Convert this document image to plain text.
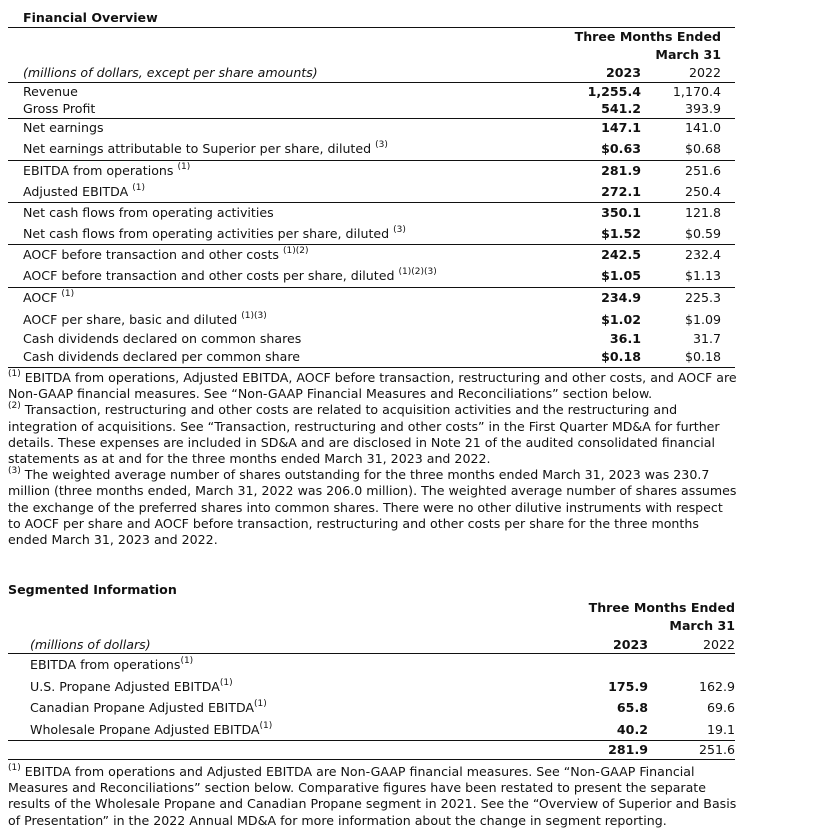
Financial Overview
Three Months Ended
March 31
(millions of dollars, except per share amounts)	2023	2022
Revenue	1,255.4	1,170.4
Gross Profit	541.2	393.9
Net earnings	147.1	141.0
Net earnings attributable to Superior per share, diluted $^{(3)}$	$0.63	$0.68
EBITDA from operations $^{(1)}$	281.9	251.6
Adjusted EBITDA $^{(1)}$	272.1	250.4
Net cash flows from operating activities	350.1	121.8
Net cash flows from operating activities per share, diluted $^{(3)}$	$1.52	$0.59
AOCF before transaction and other costs $^{(1)(2)}$	242.5	232.4
AOCF before transaction and other costs per share, diluted $^{(1)(2)(3)}$	$1.05	$1.13
AOCF $^{(1)}$	234.9	225.3
AOCF per share, basic and diluted $^{(1)(3)}$	$1.02	$1.09
Cash dividends declared on common shares	36.1	31.7
Cash dividends declared per common share	$0.18	$0.18

$^{(1)}$ EBITDA from operations, Adjusted EBITDA, AOCF before transaction, restructuring and other costs, and AOCF are Non-GAAP financial measures. See “Non-GAAP Financial Measures and Reconciliations” section below.

$^{(2)}$ Transaction, restructuring and other costs are related to acquisition activities and the restructuring and integration of acquisitions. See “Transaction, restructuring and other costs” in the First Quarter MD&A for further details. These expenses are included in SD&A and are disclosed in Note 21 of the audited consolidated financial statements as at and for the three months ended March 31, 2023 and 2022.

$^{(3)}$ The weighted average number of shares outstanding for the three months ended March 31, 2023 was 230.7 million (three months ended, March 31, 2022 was 206.0 million). The weighted average number of shares assumes the exchange of the preferred shares into common shares. There were no other dilutive instruments with respect to AOCF per share and AOCF before transaction, restructuring and other costs per share for the three months ended March 31, 2023 and 2022.

Segmented Information
Three Months Ended
March 31
(millions of dollars)	2023	2022
EBITDA from operations$^{(1)}$
U.S. Propane Adjusted EBITDA$^{(1)}$	175.9	162.9
Canadian Propane Adjusted EBITDA$^{(1)}$	65.8	69.6
Wholesale Propane Adjusted EBITDA$^{(1)}$	40.2	19.1
281.9	251.6

$^{(1)}$ EBITDA from operations and Adjusted EBITDA are Non-GAAP financial measures. See “Non-GAAP Financial Measures and Reconciliations” section below. Comparative figures have been restated to present the separate results of the Wholesale Propane and Canadian Propane segment in 2021. See the “Overview of Superior and Basis of Presentation” in the 2022 Annual MD&A for more information about the change in segment reporting.
